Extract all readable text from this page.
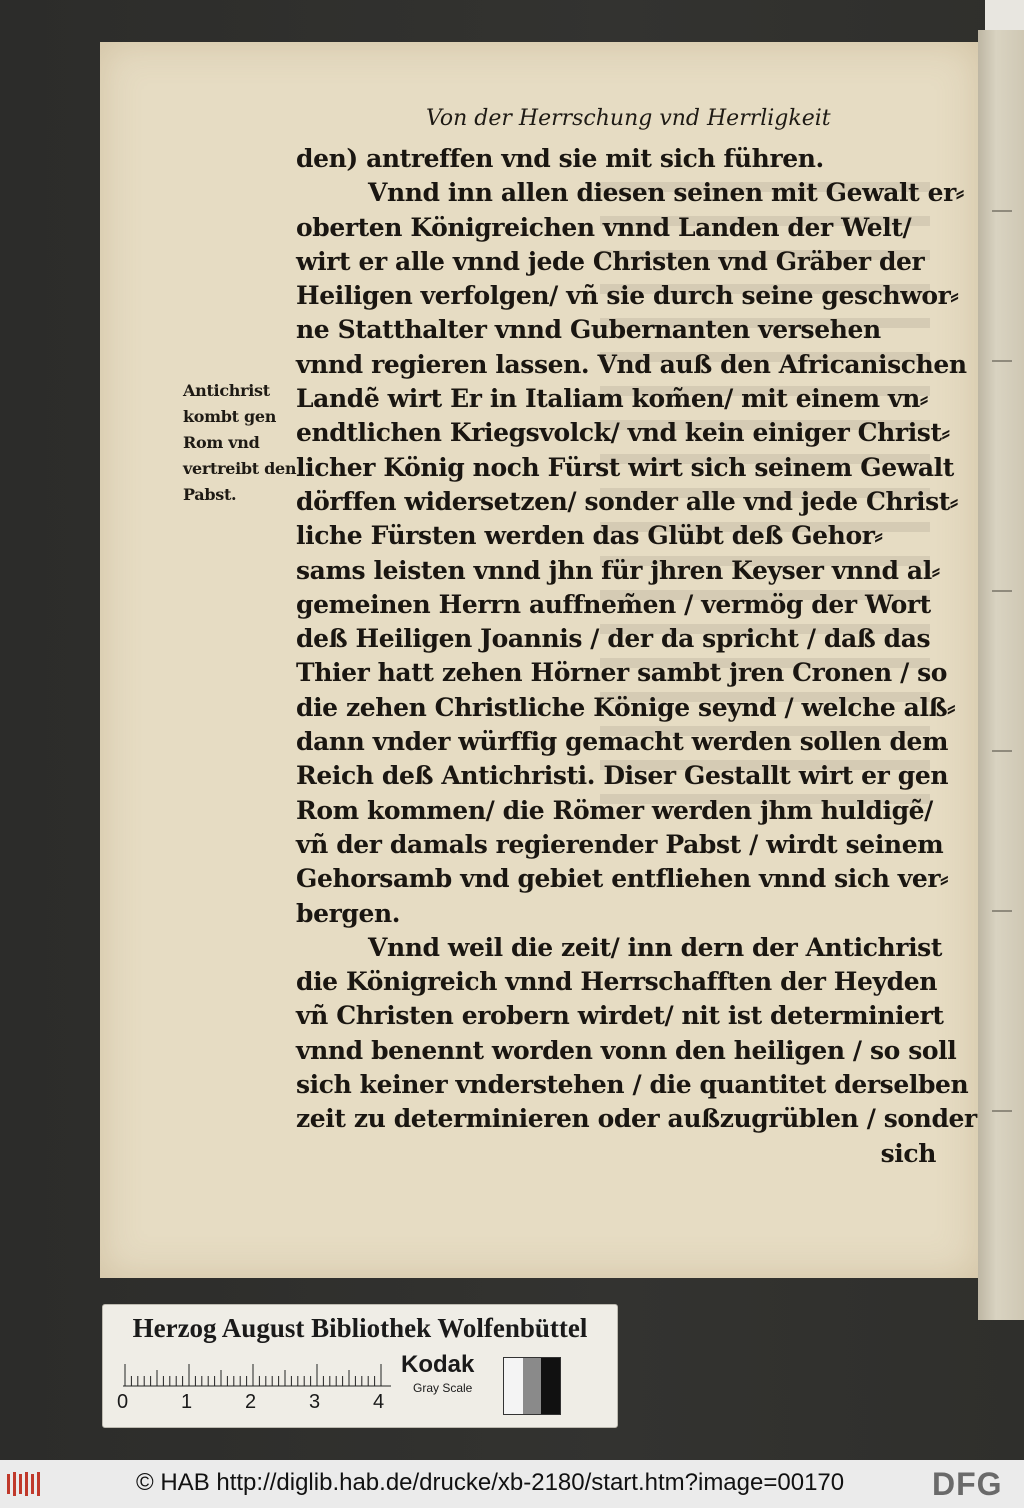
Von der Herrschung vnd Herrligkeit
den) antreffen vnd sie mit sich führen.
Vnnd inn allen diesen seinen mit Gewalt er⸗
oberten Königreichen vnnd Landen der Welt/
wirt er alle vnnd jede Christen vnd Gräber der
Heiligen verfolgen/ vñ sie durch seine geschwor⸗
ne Statthalter vnnd Gubernanten versehen
vnnd regieren lassen. Vnd auß den Africanischen
Landẽ wirt Er in Italiam kom̃en/ mit einem vn⸗
endtlichen Kriegsvolck/ vnd kein einiger Christ⸗
licher König noch Fürst wirt sich seinem Gewalt
dörffen widersetzen/ sonder alle vnd jede Christ⸗
liche Fürsten werden das Glübt deß Gehor⸗
sams leisten vnnd jhn für jhren Keyser vnnd al⸗
gemeinen Herrn auffnem̃en / vermög der Wort
deß Heiligen Joannis / der da spricht / daß das
Thier hatt zehen Hörner sambt jren Cronen / so
die zehen Christliche Könige seynd / welche alß⸗
dann vnder würffig gemacht werden sollen dem
Reich deß Antichristi. Diser Gestallt wirt er gen
Rom kommen/ die Römer werden jhm huldigẽ/
vñ der damals regierender Pabst / wirdt seinem
Gehorsamb vnd gebiet entfliehen vnnd sich ver⸗
bergen.
Vnnd weil die zeit/ inn dern der Antichrist
die Königreich vnnd Herrschafften der Heyden
vñ Christen erobern wirdet/ nit ist determiniert
vnnd benennt worden vonn den heiligen / so soll
sich keiner vnderstehen / die quantitet derselben
zeit zu determinieren oder außzugrüblen / sonder
sich
Antichrist
kombt gen
Rom vnd
vertreibt den
Pabst.
Herzog August Bibliothek Wolfenbüttel
0	1	2	3	4
Kodak
Gray Scale
© HAB http://diglib.hab.de/drucke/xb-2180/start.htm?image=00170	DFG
